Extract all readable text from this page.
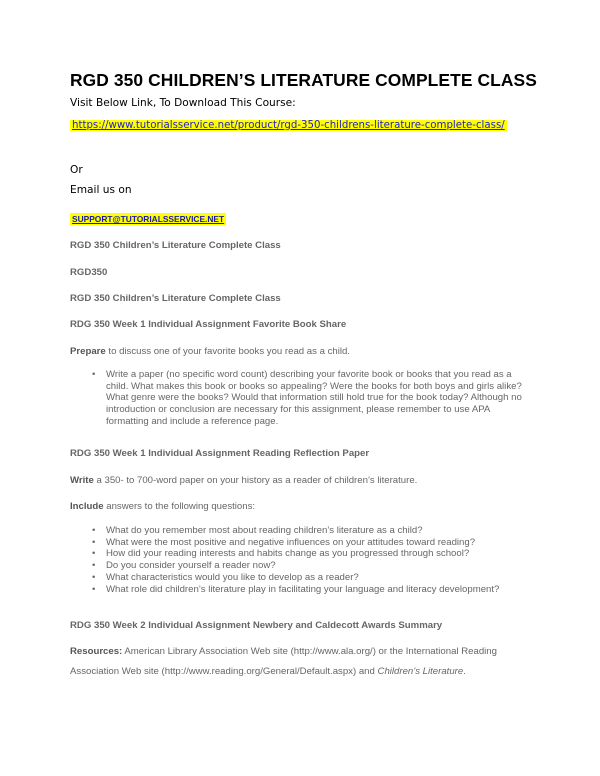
RGD 350 CHILDREN’S LITERATURE COMPLETE CLASS
Visit Below Link, To Download This Course:
https://www.tutorialsservice.net/product/rgd-350-childrens-literature-complete-class/
Or
Email us on
SUPPORT@TUTORIALSSERVICE.NET
RGD 350 Children’s Literature Complete Class
RGD350
RGD 350 Children’s Literature Complete Class
RDG 350 Week 1 Individual Assignment Favorite Book Share
Prepare to discuss one of your favorite books you read as a child.
• Write a paper (no specific word count) describing your favorite book or books that you read as a child. What makes this book or books so appealing? Were the books for both boys and girls alike? What genre were the books? Would that information still hold true for the book today? Although no introduction or conclusion are necessary for this assignment, please remember to use APA formatting and include a reference page.
RDG 350 Week 1 Individual Assignment Reading Reflection Paper
Write a 350- to 700-word paper on your history as a reader of children’s literature.
Include answers to the following questions:
• What do you remember most about reading children’s literature as a child?
• What were the most positive and negative influences on your attitudes toward reading?
• How did your reading interests and habits change as you progressed through school?
• Do you consider yourself a reader now?
• What characteristics would you like to develop as a reader?
• What role did children’s literature play in facilitating your language and literacy development?
RDG 350 Week 2 Individual Assignment Newbery and Caldecott Awards Summary
Resources: American Library Association Web site (http://www.ala.org/) or the International Reading
Association Web site (http://www.reading.org/General/Default.aspx) and Children’s Literature.
